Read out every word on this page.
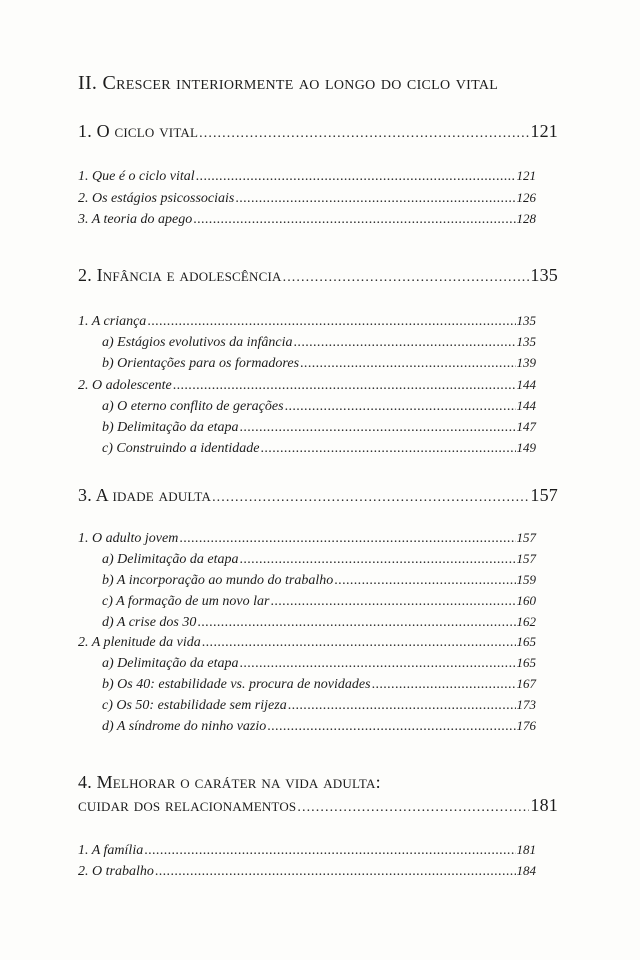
II. Crescer interiormente ao longo do ciclo vital
1. O ciclo vital .....	121
1. Que é o ciclo vital .....	121
2. Os estágios psicossociais .....	126
3. A teoria do apego .....	128
2. Infância e adolescência .....	135
1. A criança .....	135
a) Estágios evolutivos da infância .....	135
b) Orientações para os formadores .....	139
2. O adolescente .....	144
a) O eterno conflito de gerações .....	144
b) Delimitação da etapa .....	147
c) Construindo a identidade .....	149
3. A idade adulta .....	157
1. O adulto jovem .....	157
a) Delimitação da etapa .....	157
b) A incorporação ao mundo do trabalho .....	159
c) A formação de um novo lar .....	160
d) A crise dos 30 .....	162
2. A plenitude da vida .....	165
a) Delimitação da etapa .....	165
b) Os 40: estabilidade vs. procura de novidades .....	167
c) Os 50: estabilidade sem rijeza .....	173
d) A síndrome do ninho vazio .....	176
4. Melhorar o caráter na vida adulta:
cuidar dos relacionamentos .....	181
1. A família .....	181
2. O trabalho .....	184
